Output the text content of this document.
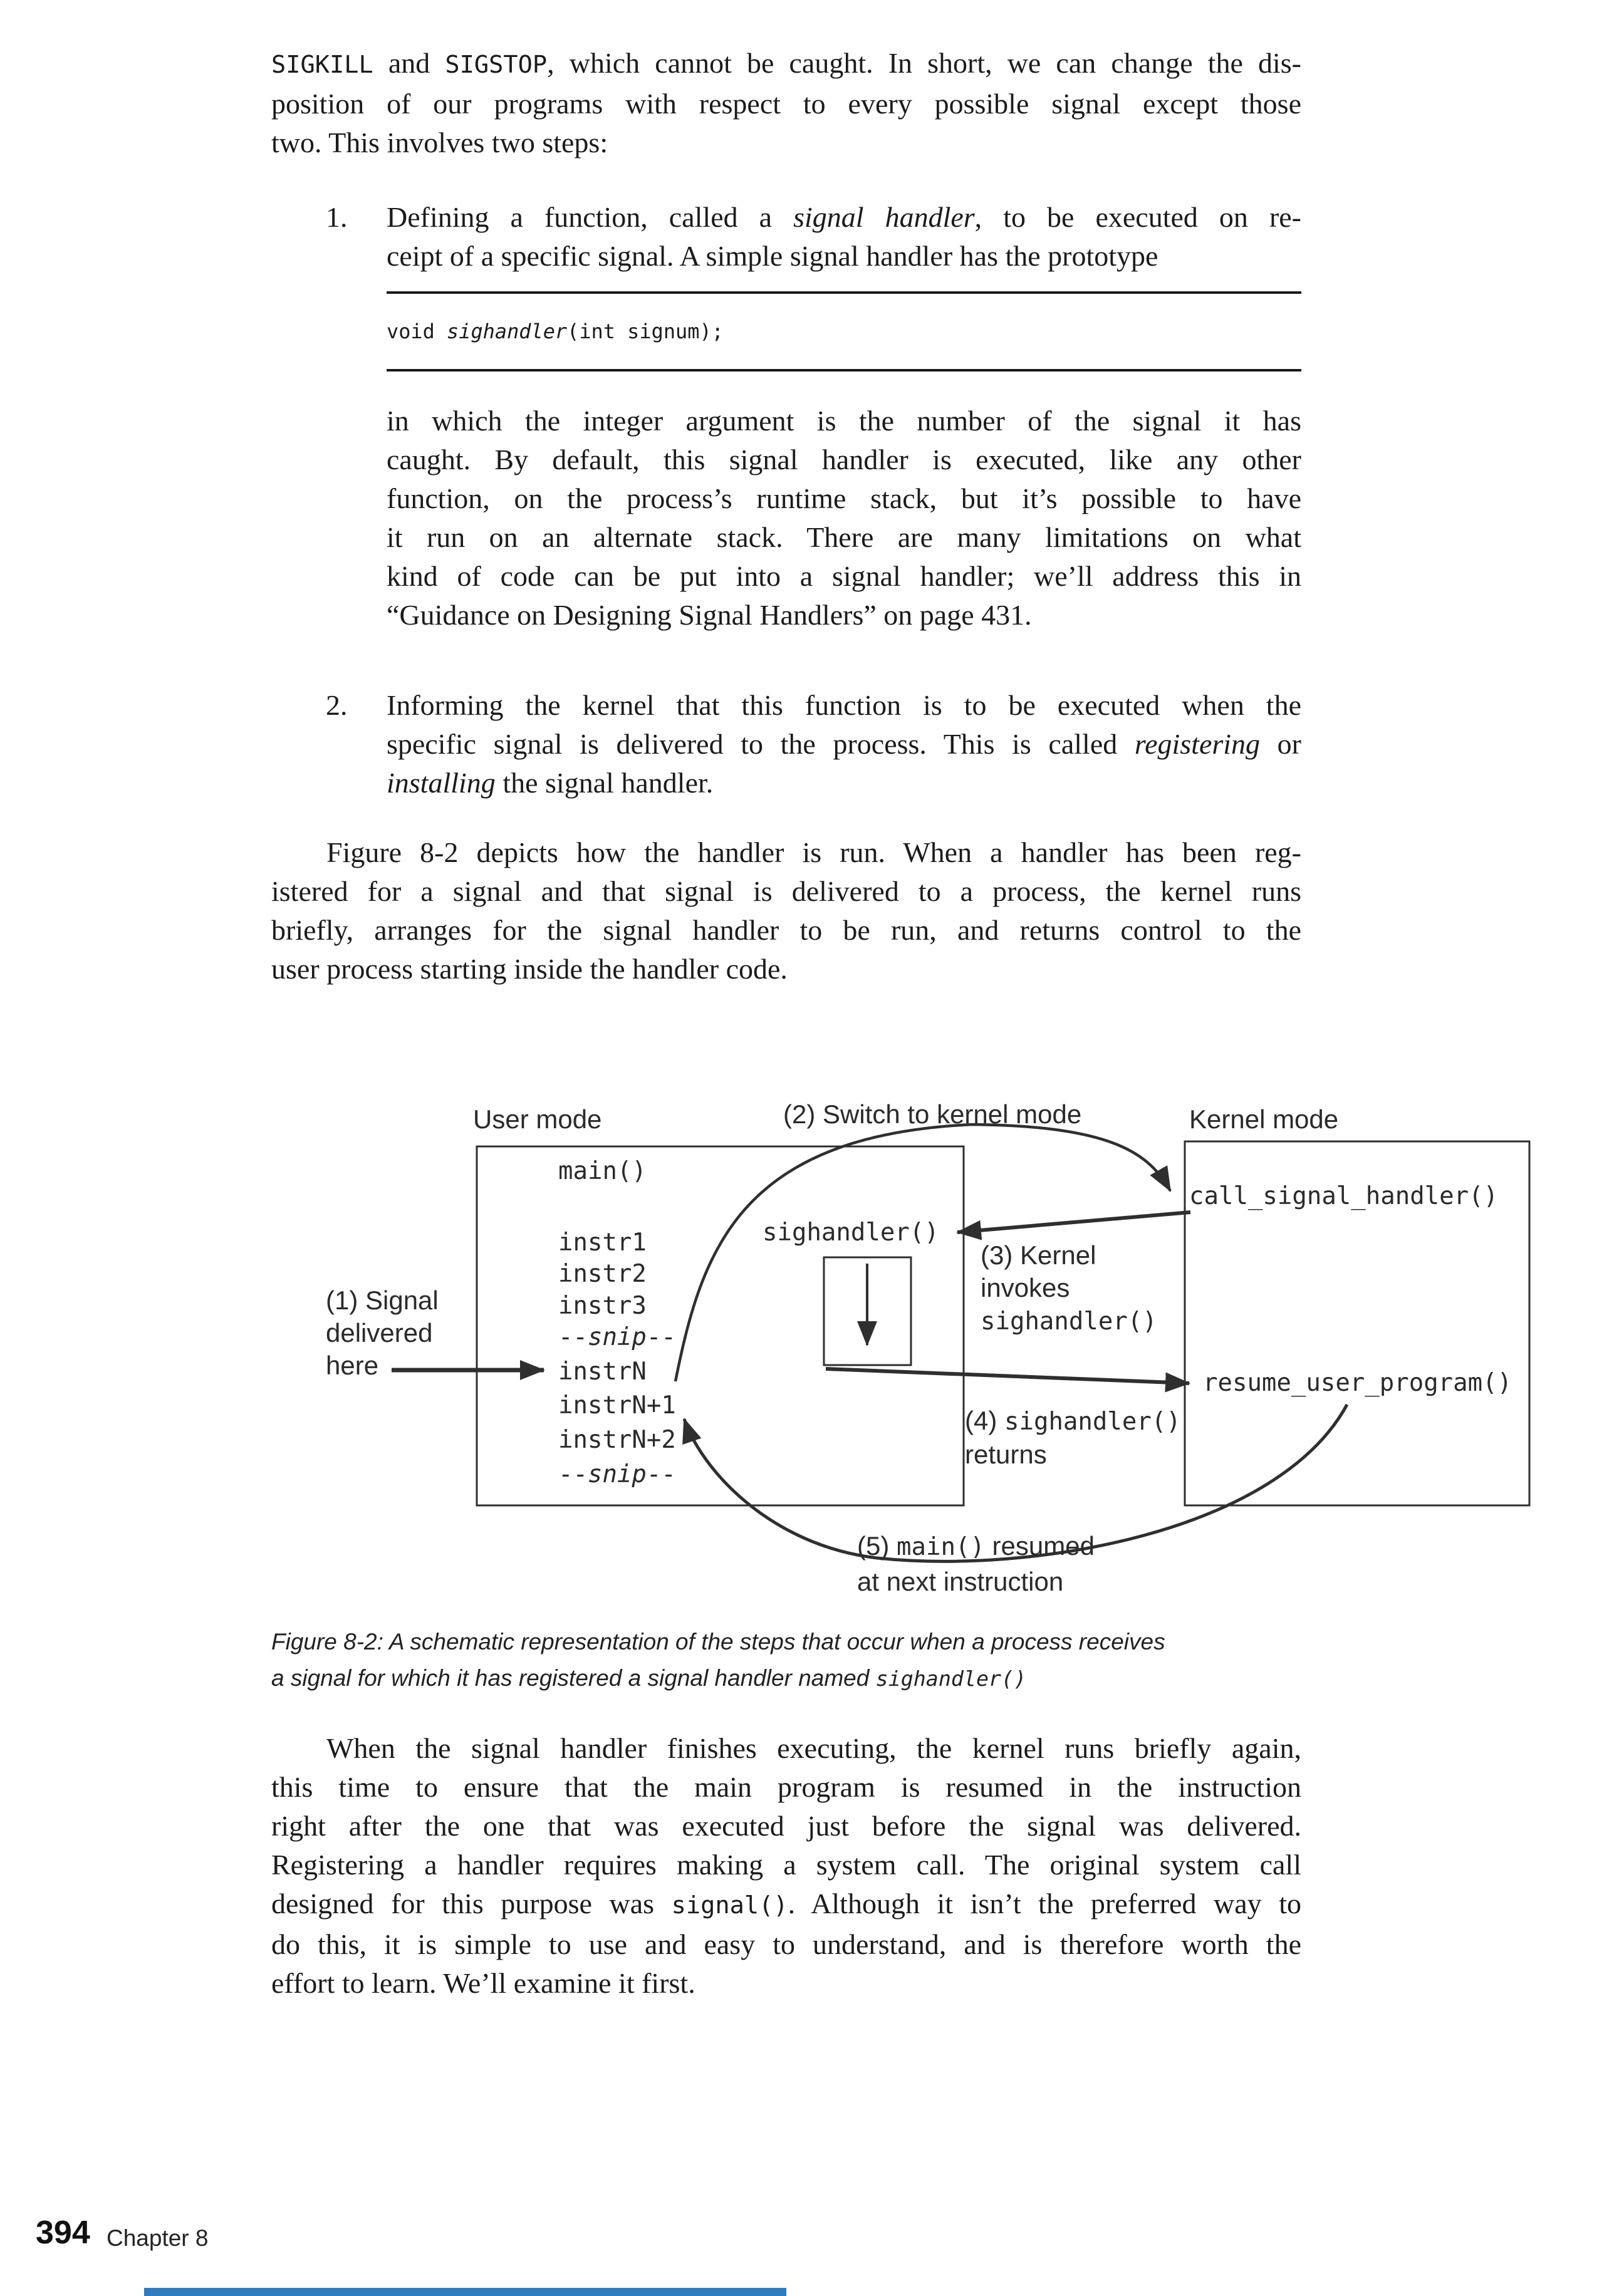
SIGKILL and SIGSTOP, which cannot be caught. In short, we can change the dis-
position of our programs with respect to every possible signal except those
two. This involves two steps:
1. Defining a function, called a signal handler, to be executed on re-
ceipt of a specific signal. A simple signal handler has the prototype
void sighandler(int signum);
in which the integer argument is the number of the signal it has
caught. By default, this signal handler is executed, like any other
function, on the process’s runtime stack, but it’s possible to have
it run on an alternate stack. There are many limitations on what
kind of code can be put into a signal handler; we’ll address this in
“Guidance on Designing Signal Handlers” on page 431.
2. Informing the kernel that this function is to be executed when the
specific signal is delivered to the process. This is called registering or
installing the signal handler.
Figure 8-2 depicts how the handler is run. When a handler has been reg-
istered for a signal and that signal is delivered to a process, the kernel runs
briefly, arranges for the signal handler to be run, and returns control to the
user process starting inside the handler code.
User mode	(2) Switch to kernel mode	Kernel mode
main()
instr1
instr2
instr3
--snip--
instrN
instrN+1
instrN+2
--snip--
(1) Signal
delivered
here
sighandler()
(3) Kernel
invokes
sighandler()
call_signal_handler()
resume_user_program()
(4) sighandler()
returns
(5) main() resumed
at next instruction
Figure 8-2: A schematic representation of the steps that occur when a process receives
a signal for which it has registered a signal handler named sighandler()
When the signal handler finishes executing, the kernel runs briefly again,
this time to ensure that the main program is resumed in the instruction
right after the one that was executed just before the signal was delivered.
Registering a handler requires making a system call. The original system call
designed for this purpose was signal(). Although it isn’t the preferred way to
do this, it is simple to use and easy to understand, and is therefore worth the
effort to learn. We’ll examine it first.
394 Chapter 8
